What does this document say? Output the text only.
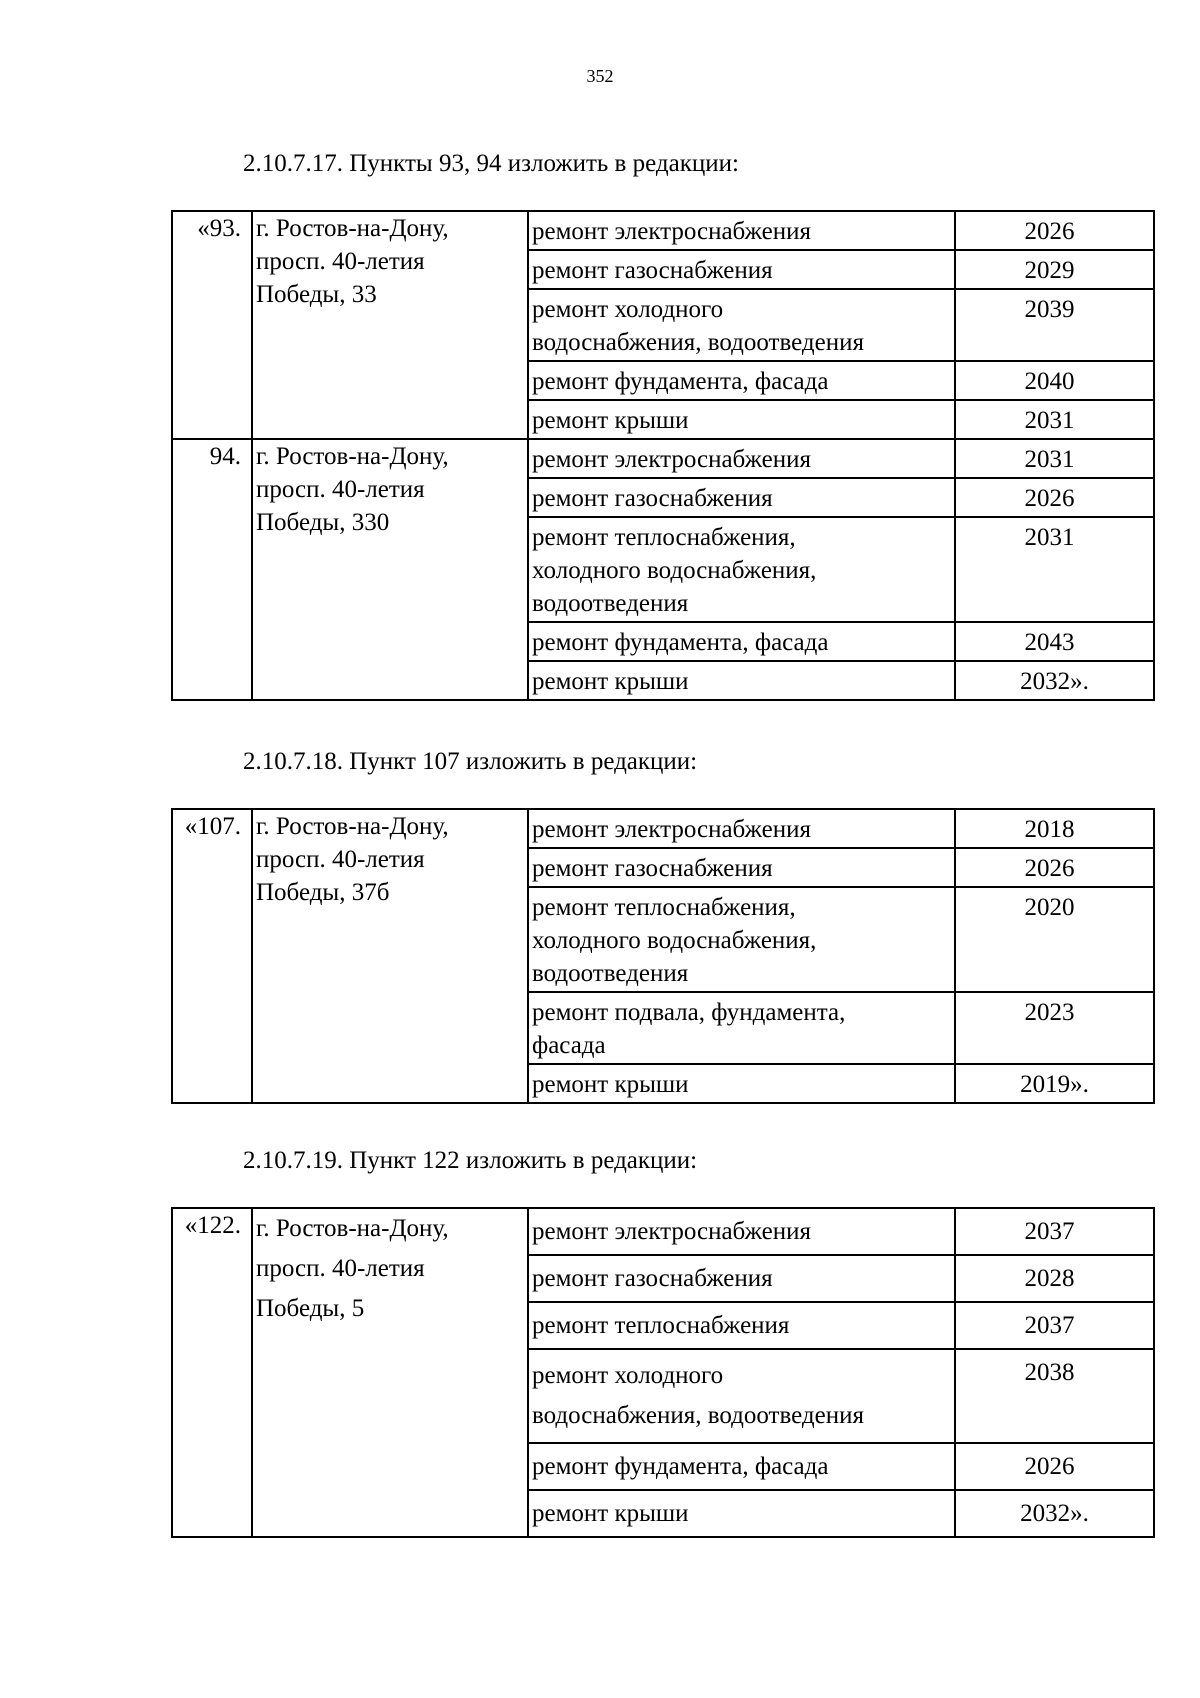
352
2.10.7.17. Пункты 93, 94 изложить в редакции:
2.10.7.18. Пункт 107 изложить в редакции:
2.10.7.19. Пункт 122 изложить в редакции:
«93.	г. Ростов-на-Дону,
просп. 40-летия
Победы, 33	ремонт электроснабжения	2026

		ремонт газоснабжения	2029

		ремонт холодного
водоснабжения, водоотведения	2039

		ремонт фундамента, фасада	2040

		ремонт крыши	2031
94.	г. Ростов-на-Дону,
просп. 40-летия
Победы, 330	ремонт электроснабжения	2031

		ремонт газоснабжения	2026

		ремонт теплоснабжения,
холодного водоснабжения,
водоотведения	2031

		ремонт фундамента, фасада	2043

		ремонт крыши	2032».
«107.	г. Ростов-на-Дону,
просп. 40-летия
Победы, 37б	ремонт электроснабжения	2018

		ремонт газоснабжения	2026

		ремонт теплоснабжения,
холодного водоснабжения,
водоотведения	2020

		ремонт подвала, фундамента,
фасада	2023

		ремонт крыши	2019».
«122.	г. Ростов-на-Дону,
просп. 40-летия
Победы, 5	ремонт электроснабжения	2037

		ремонт газоснабжения	2028

		ремонт теплоснабжения	2037

		ремонт холодного
водоснабжения, водоотведения	2038

		ремонт фундамента, фасада	2026

		ремонт крыши	2032».
